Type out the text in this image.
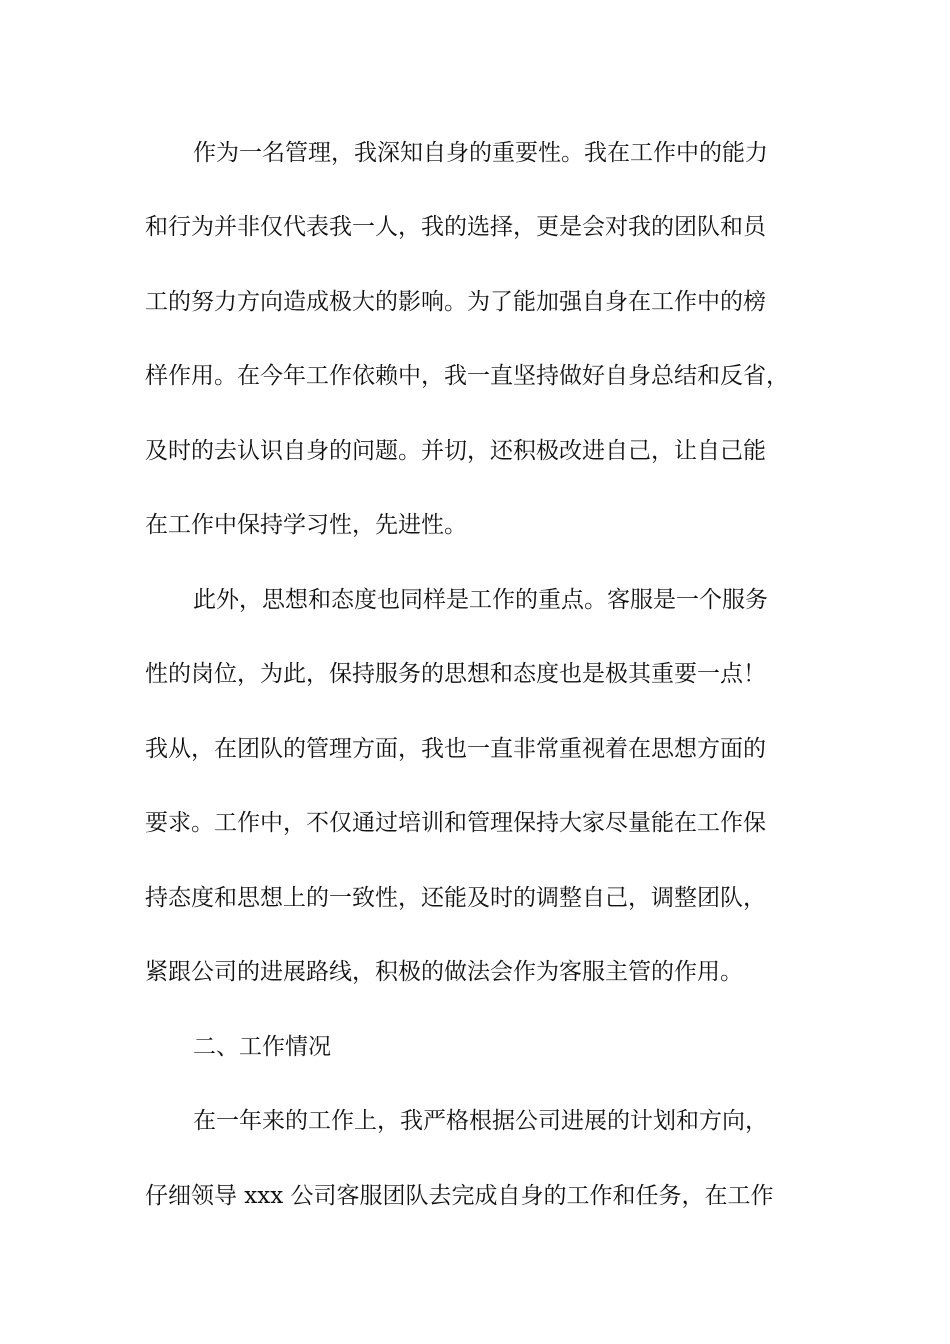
作为一名管理，我深知自身的重要性。我在工作中的能力
和行为并非仅代表我一人，我的选择，更是会对我的团队和员
工的努力方向造成极大的影响。为了能加强自身在工作中的榜
样作用。在今年工作依赖中，我一直坚持做好自身总结和反省，
及时的去认识自身的问题。并切，还积极改进自己，让自己能
在工作中保持学习性，先进性。
此外，思想和态度也同样是工作的重点。客服是一个服务
性的岗位，为此，保持服务的思想和态度也是极其重要一点！
我从，在团队的管理方面，我也一直非常重视着在思想方面的
要求。工作中，不仅通过培训和管理保持大家尽量能在工作保
持态度和思想上的一致性，还能及时的调整自己，调整团队，
紧跟公司的进展路线，积极的做法会作为客服主管的作用。
二、工作情况
在一年来的工作上，我严格根据公司进展的计划和方向，
仔细领导 xxx 公司客服团队去完成自身的工作和任务，在工作
